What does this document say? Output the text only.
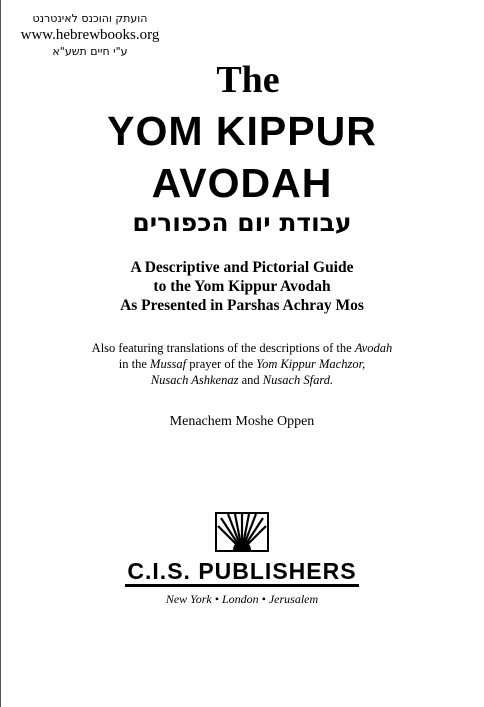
הועתק והוכנס לאינטרנט
www.hebrewbooks.org
ע"י חיים תשע"א
The
YOM KIPPUR
AVODAH
עבודת יום הכפורים
A Descriptive and Pictorial Guide
to the Yom Kippur Avodah
As Presented in Parshas Achray Mos
Also featuring translations of the descriptions of the Avodah
in the Mussaf prayer of the Yom Kippur Machzor,
Nusach Ashkenaz and Nusach Sfard.
Menachem Moshe Oppen
C.I.S. PUBLISHERS
New York • London • Jerusalem
